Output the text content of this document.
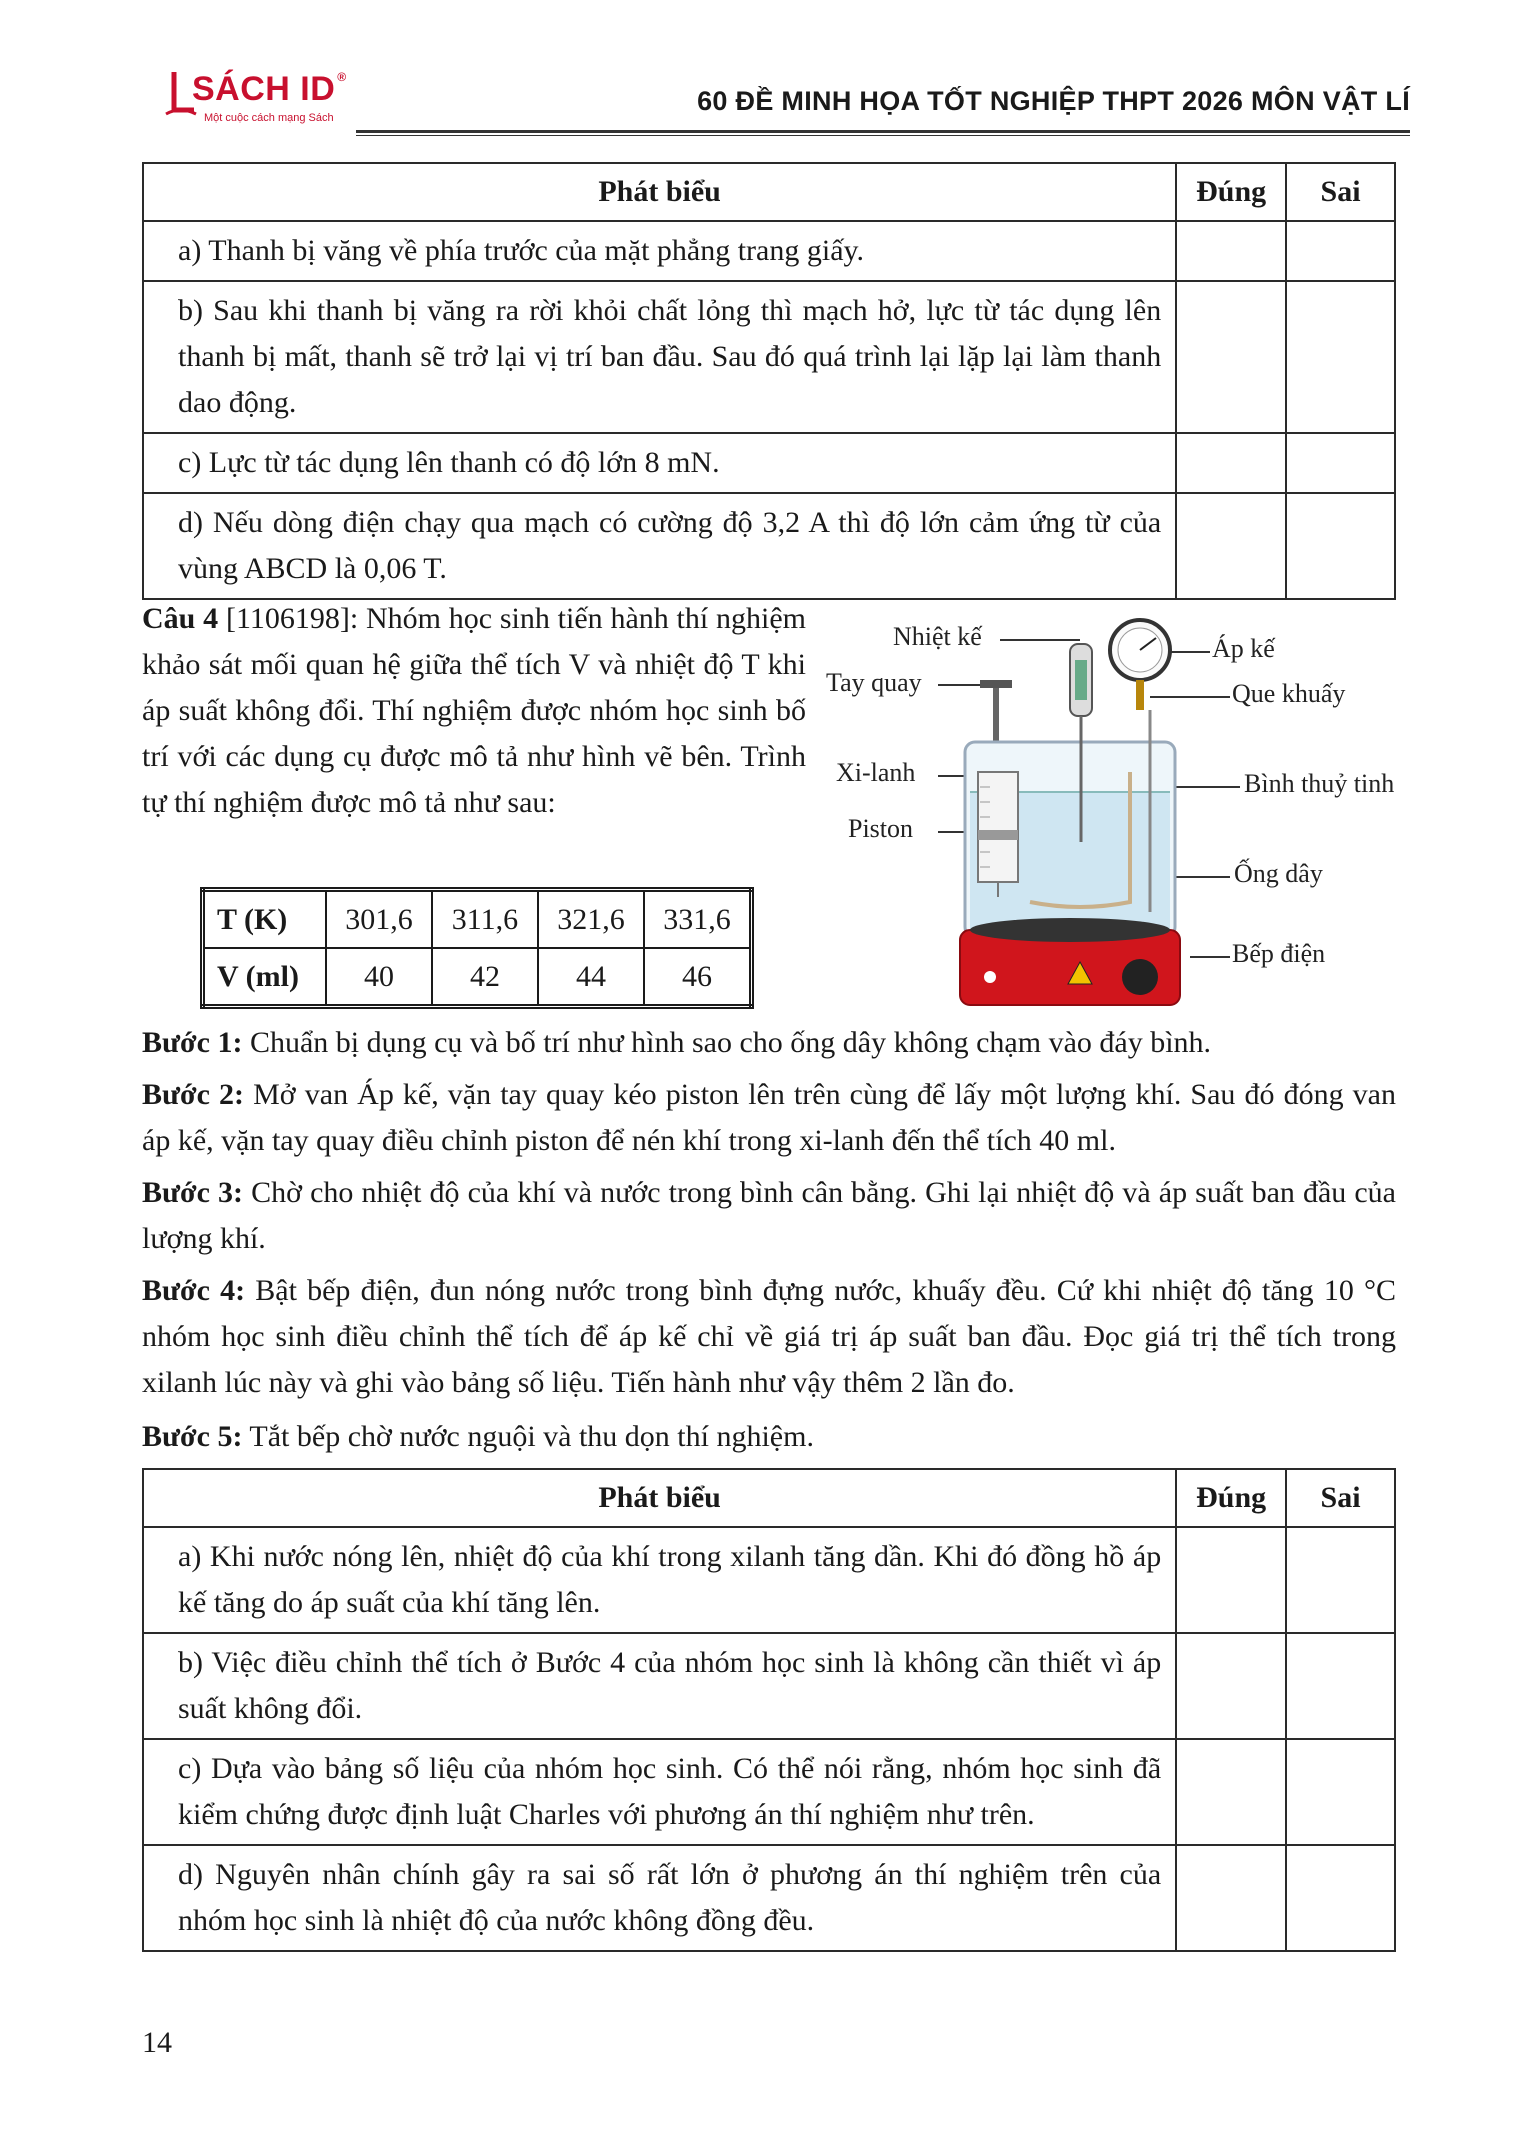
SÁCH ID ®
Một cuộc cách mạng Sách
60 ĐỀ MINH HỌA TỐT NGHIỆP THPT 2026 MÔN VẬT LÍ
Phát biểu	Đúng	Sai
a) Thanh bị văng về phía trước của mặt phẳng trang giấy.		
b) Sau khi thanh bị văng ra rời khỏi chất lỏng thì mạch hở, lực từ tác dụng lên thanh bị mất, thanh sẽ trở lại vị trí ban đầu. Sau đó quá trình lại lặp lại làm thanh dao động.		
c) Lực từ tác dụng lên thanh có độ lớn 8 mN.		
d) Nếu dòng điện chạy qua mạch có cường độ 3,2 A thì độ lớn cảm ứng từ của vùng ABCD là 0,06 T.		
Câu 4 [1106198]: Nhóm học sinh tiến hành thí nghiệm khảo sát mối quan hệ giữa thể tích V và nhiệt độ T khi áp suất không đổi. Thí nghiệm được nhóm học sinh bố trí với các dụng cụ được mô tả như hình vẽ bên. Trình tự thí nghiệm được mô tả như sau:
T (K)	301,6	311,6	321,6	331,6
V (ml)	40	42	44	46
Nhiệt kế
Tay quay
Xi-lanh
Piston
Áp kế
Que khuấy
Bình thuỷ tinh
Ống dây
Bếp điện
Bước 1: Chuẩn bị dụng cụ và bố trí như hình sao cho ống dây không chạm vào đáy bình.
Bước 2: Mở van Áp kế, vặn tay quay kéo piston lên trên cùng để lấy một lượng khí. Sau đó đóng van áp kế, vặn tay quay điều chỉnh piston để nén khí trong xi-lanh đến thể tích 40 ml.
Bước 3: Chờ cho nhiệt độ của khí và nước trong bình cân bằng. Ghi lại nhiệt độ và áp suất ban đầu của lượng khí.
Bước 4: Bật bếp điện, đun nóng nước trong bình đựng nước, khuấy đều. Cứ khi nhiệt độ tăng 10 °C nhóm học sinh điều chỉnh thể tích để áp kế chỉ về giá trị áp suất ban đầu. Đọc giá trị thể tích trong xilanh lúc này và ghi vào bảng số liệu. Tiến hành như vậy thêm 2 lần đo.
Bước 5: Tắt bếp chờ nước nguội và thu dọn thí nghiệm.
Phát biểu	Đúng	Sai
a) Khi nước nóng lên, nhiệt độ của khí trong xilanh tăng dần. Khi đó đồng hồ áp kế tăng do áp suất của khí tăng lên.		
b) Việc điều chỉnh thể tích ở Bước 4 của nhóm học sinh là không cần thiết vì áp suất không đổi.		
c) Dựa vào bảng số liệu của nhóm học sinh. Có thể nói rằng, nhóm học sinh đã kiểm chứng được định luật Charles với phương án thí nghiệm như trên.		
d) Nguyên nhân chính gây ra sai số rất lớn ở phương án thí nghiệm trên của nhóm học sinh là nhiệt độ của nước không đồng đều.		
14
